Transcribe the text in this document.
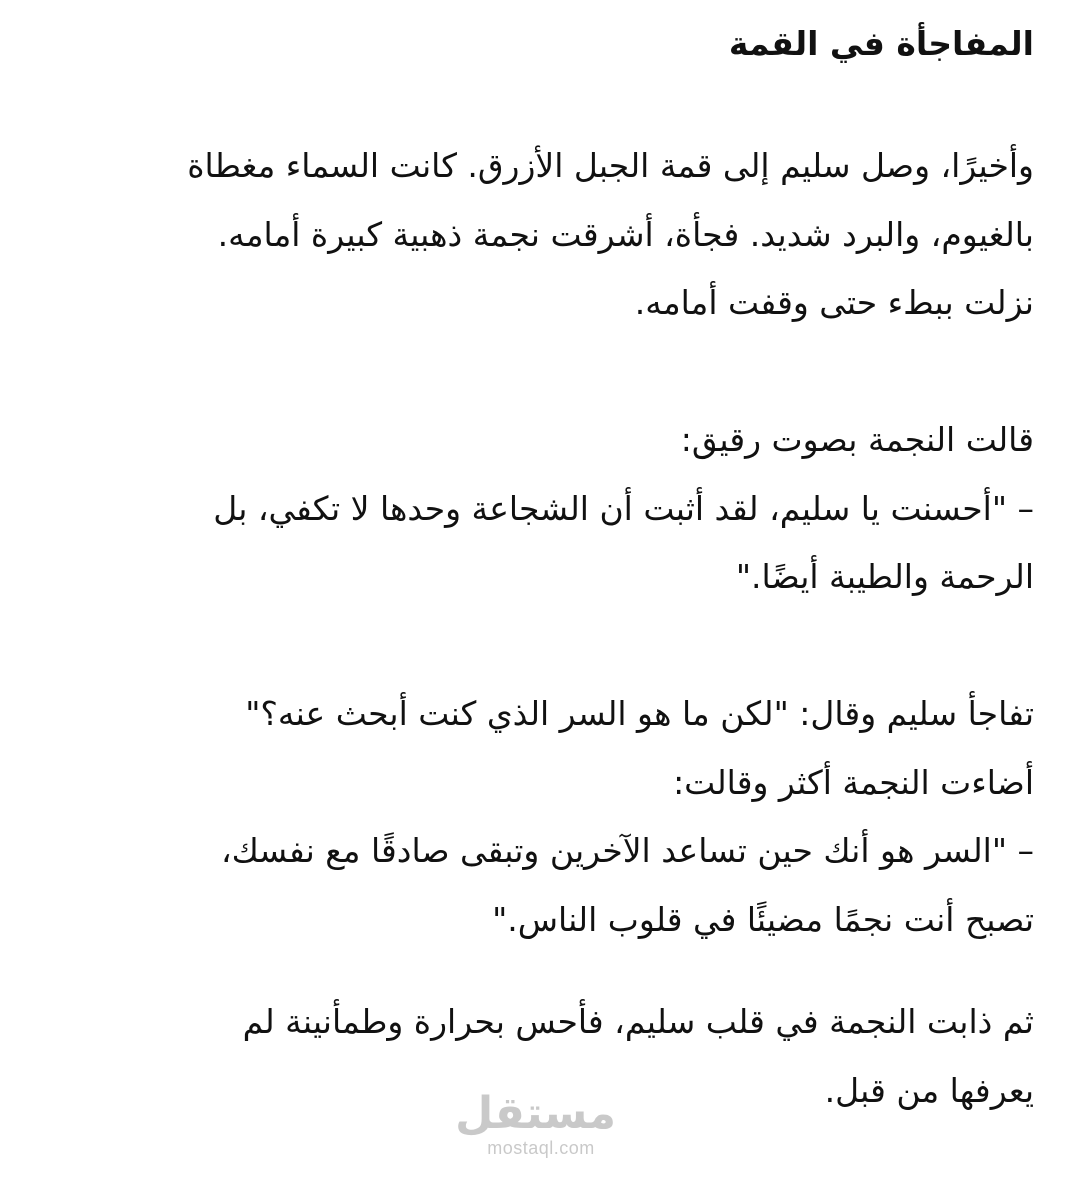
المفاجأة في القمة

وأخيرًا، وصل سليم إلى قمة الجبل الأزرق. كانت السماء مغطاة
بالغيوم، والبرد شديد. فجأة، أشرقت نجمة ذهبية كبيرة أمامه.
نزلت ببطء حتى وقفت أمامه.

قالت النجمة بصوت رقيق:
– "أحسنت يا سليم، لقد أثبت أن الشجاعة وحدها لا تكفي، بل
الرحمة والطيبة أيضًا."

تفاجأ سليم وقال: "لكن ما هو السر الذي كنت أبحث عنه؟"
أضاءت النجمة أكثر وقالت:
– "السر هو أنك حين تساعد الآخرين وتبقى صادقًا مع نفسك،
تصبح أنت نجمًا مضيئًا في قلوب الناس."

ثم ذابت النجمة في قلب سليم، فأحس بحرارة وطمأنينة لم
يعرفها من قبل.

مستقل
mostaql.com
